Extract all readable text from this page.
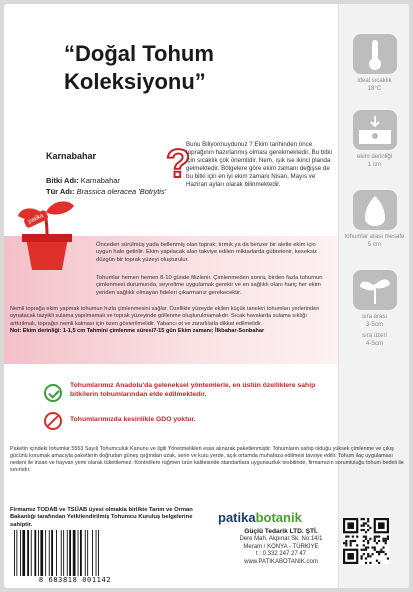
“Doğal Tohum Koleksiyonu”
Karnabahar
Bitki Adı: Karnabahar
Tür Adı: Brassica oleracea 'Botrytis'
?
Bunu Biliyormuydunuz ? Ekim tarihinden önce toprağının hazırlanmış olması gerekmektedir. Bu bitki için sıcaklık çok önemlidir. Nem, ışık ise ikinci planda gelmektedir. Bölgelere göre ekim zamanı değişse de bu bitki için en iyi ekim zamanı Nisan, Mayıs ve Haziran ayları olarak bilinmektedir.
patika
Önceden sürülmüş yada bellenmiş olan toprak; tırmık ya da benzer bir aletle ekim için uygun hale getirilir. Ekim yapılacak alan takviye edilen miktarlarda gübrelenir, keseksiz düzgün bir toprak yüzeyi oluşturulur.
Tohumlar hemen hemen 8-10 günde filizlenir. Çimlenmeden sonra, birden fazla tohumun çimlenmesi durumunda, seyreltme uygulamak gerekir ve en sağlıklı olanı hariç her ekim yeriden sağlıklı olmayan fideleri çıkarmanız gerekecektir.
Nemli toprağa ekim yapmak tohumun hızla çimlenmesini sağlar. Özellikle yüzeyde ekilen küçük taneleri tohumları yerlerinden oynatacak tazyikli sulama yapılmamalı ve toprak yüzeyinde göllenme oluşturulmamalıdır. Sıcak havalarda sulama sıklığı arttırılmalı, toprağın nemli kalması için özen gösterilmelidir. Yabancı ot ve zararlılarla dikkat edilmelidir.
Not: Ekim derinliği: 1-1,5 cm Tahmini çimlenme süresi7-15 gün Ekim zamanı; İlkbahar-Sonbahar
Tohumlarımız Anadolu'da geleneksel yöntemlerle, en üstün özelliklere sahip bitkilerin tohumlarından elde edilmektedir.
Tohumlarımızda kesinlikle GDO yoktur.
ideal sıcaklık
18°C
ekim derinliği
1 cm
tohumlar arası mesafe
5 cm
sıra arası
3-5cm
sıra üzeri
4-5cm
Paketin içindeki tohumlar 5553 Sayılı Tohumculuk Kanunu ve ilgili Yönetmelikleri esas alınarak paketlenmiştir. Tohumların sahip olduğu yüksek çimlenme ve çıkış gücünü korumak amacıyla paketlerin doğrudan güneş ışığından uzak, serin ve kuru yerde, açık ortamda muhafaza edilmesi tavsiye edilir. Tohum ilaç uygulaması nedeni ile insan ve hayvan yemi olarak tüketilemez. Kontrollere rağmen ürün kalitesinde standartlara uygunsuzluk tesbitinde, firmamızın sorumluluğu tohum bedeli ile sınırlıdır.
Firmamız TODAB ve TSÜAB üyesi olmakla birlikte Tarım ve Orman Bakanlığı tarafından Yetkilendirilmiş Tohumcu Kuruluş belgelerine sahiptir.	patikabotanik
Güçlü Tedarik LTD. ŞTİ.
Dere Mah. Akpınar Sk. No:14/1
Meram / KONYA - TÜRKİYE
t : 0 332 247 27 47
www.PATIKABOTANIK.com
8 683818 001142
